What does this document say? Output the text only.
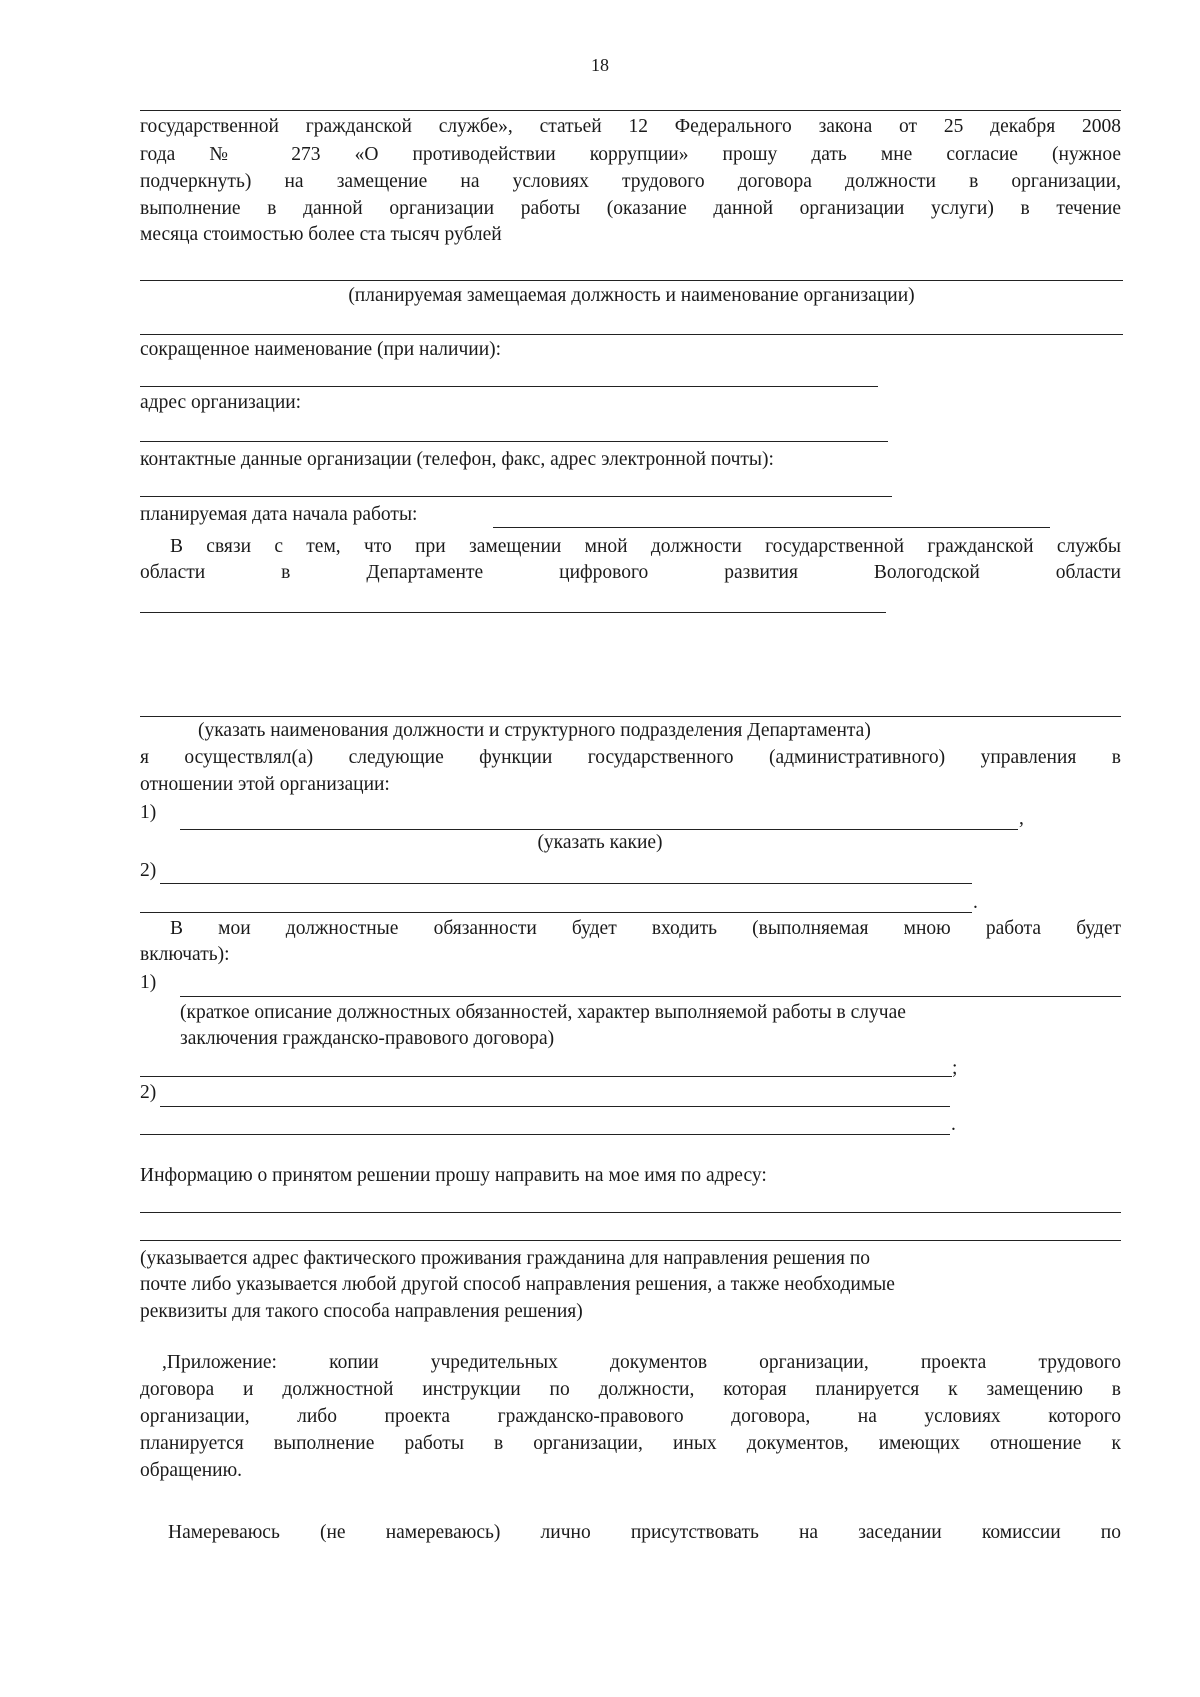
18
государственной гражданской службе», статьей 12 Федерального закона от 25 декабря 2008
года № 273 «О противодействии коррупции» прошу дать мне согласие (нужное
подчеркнуть) на замещение на условиях трудового договора должности в организации,
выполнение в данной организации работы (оказание данной организации услуги) в течение
месяца стоимостью более ста тысяч рублей
(планируемая замещаемая должность и наименование организации)
сокращенное наименование (при наличии):
адрес организации:
контактные данные организации (телефон, факс, адрес электронной почты):
планируемая дата начала работы:
В связи с тем, что при замещении мной должности государственной гражданской службы
области в Департаменте цифрового развития Вологодской области
(указать наименования должности и структурного подразделения Департамента)
я осуществлял(а) следующие функции государственного (административного) управления в
отношении этой организации:
1)	,
(указать какие)
2)
.
В мои должностные обязанности будет входить (выполняемая мною работа будет
включать):
1)
(краткое описание должностных обязанностей, характер выполняемой работы в случае
заключения гражданско-правового договора)
;
2)
.
Информацию о принятом решении прошу направить на мое имя по адресу:
(указывается адрес фактического проживания гражданина для направления решения по
почте либо указывается любой другой способ направления решения, а также необходимые
реквизиты для такого способа направления решения)
,Приложение: копии учредительных документов организации, проекта трудового
договора и должностной инструкции по должности, которая планируется к замещению в
организации, либо проекта гражданско-правового договора, на условиях которого
планируется выполнение работы в организации, иных документов, имеющих отношение к
обращению.
Намереваюсь (не намереваюсь) лично присутствовать на заседании комиссии по
